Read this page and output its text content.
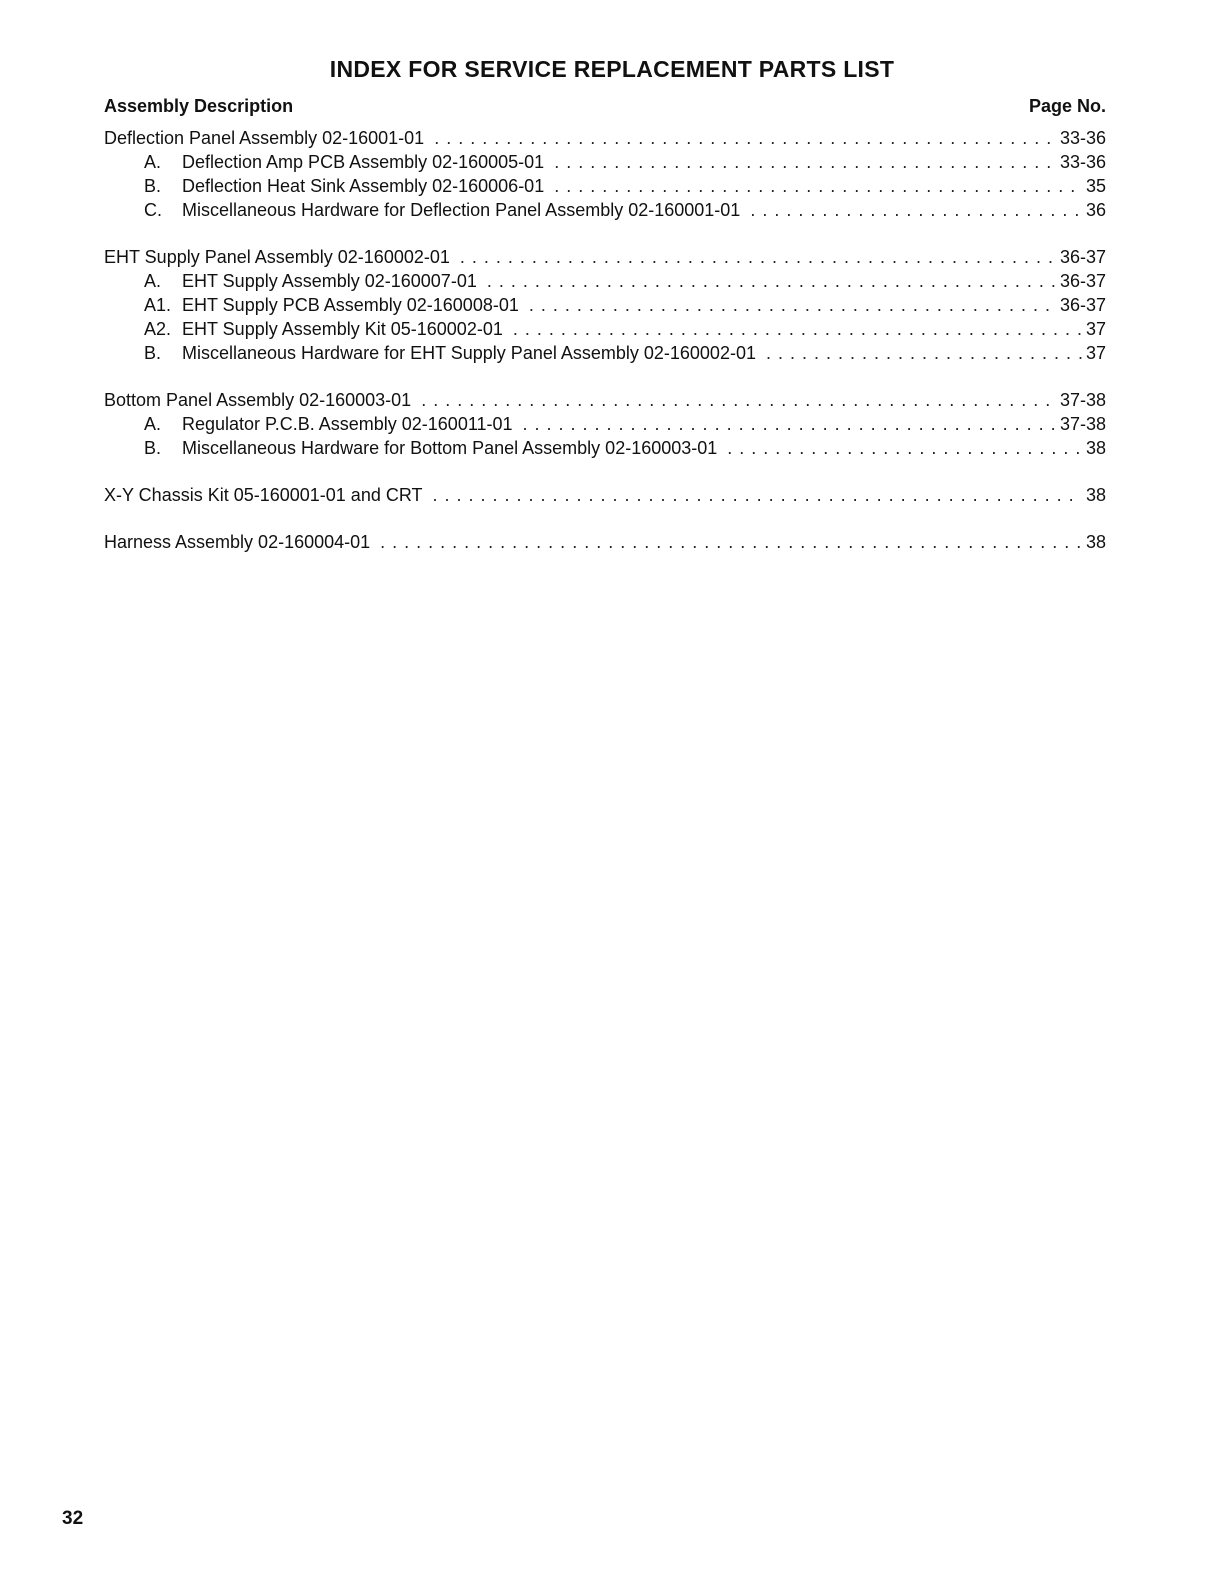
INDEX FOR SERVICE REPLACEMENT PARTS LIST
Assembly Description	Page No.
Deflection Panel Assembly 02-16001-01 . . .	33-36
A.	Deflection Amp PCB Assembly 02-160005-01 . . .	33-36
B.	Deflection Heat Sink Assembly 02-160006-01 . . .	35
C.	Miscellaneous Hardware for Deflection Panel Assembly 02-160001-01 . . .	36
EHT Supply Panel Assembly 02-160002-01 . . .	36-37
A.	EHT Supply Assembly 02-160007-01 . . .	36-37
A1. EHT Supply PCB Assembly 02-160008-01 . . .	36-37
A2. EHT Supply Assembly Kit 05-160002-01 . . .	37
B.	Miscellaneous Hardware for EHT Supply Panel Assembly 02-160002-01 . . .	37
Bottom Panel Assembly 02-160003-01 . . .	37-38
A.	Regulator P.C.B. Assembly 02-160011-01 . . .	37-38
B.	Miscellaneous Hardware for Bottom Panel Assembly 02-160003-01 . . .	38
X-Y Chassis Kit 05-160001-01 and CRT . . .	38
Harness Assembly 02-160004-01 . . .	38
32
